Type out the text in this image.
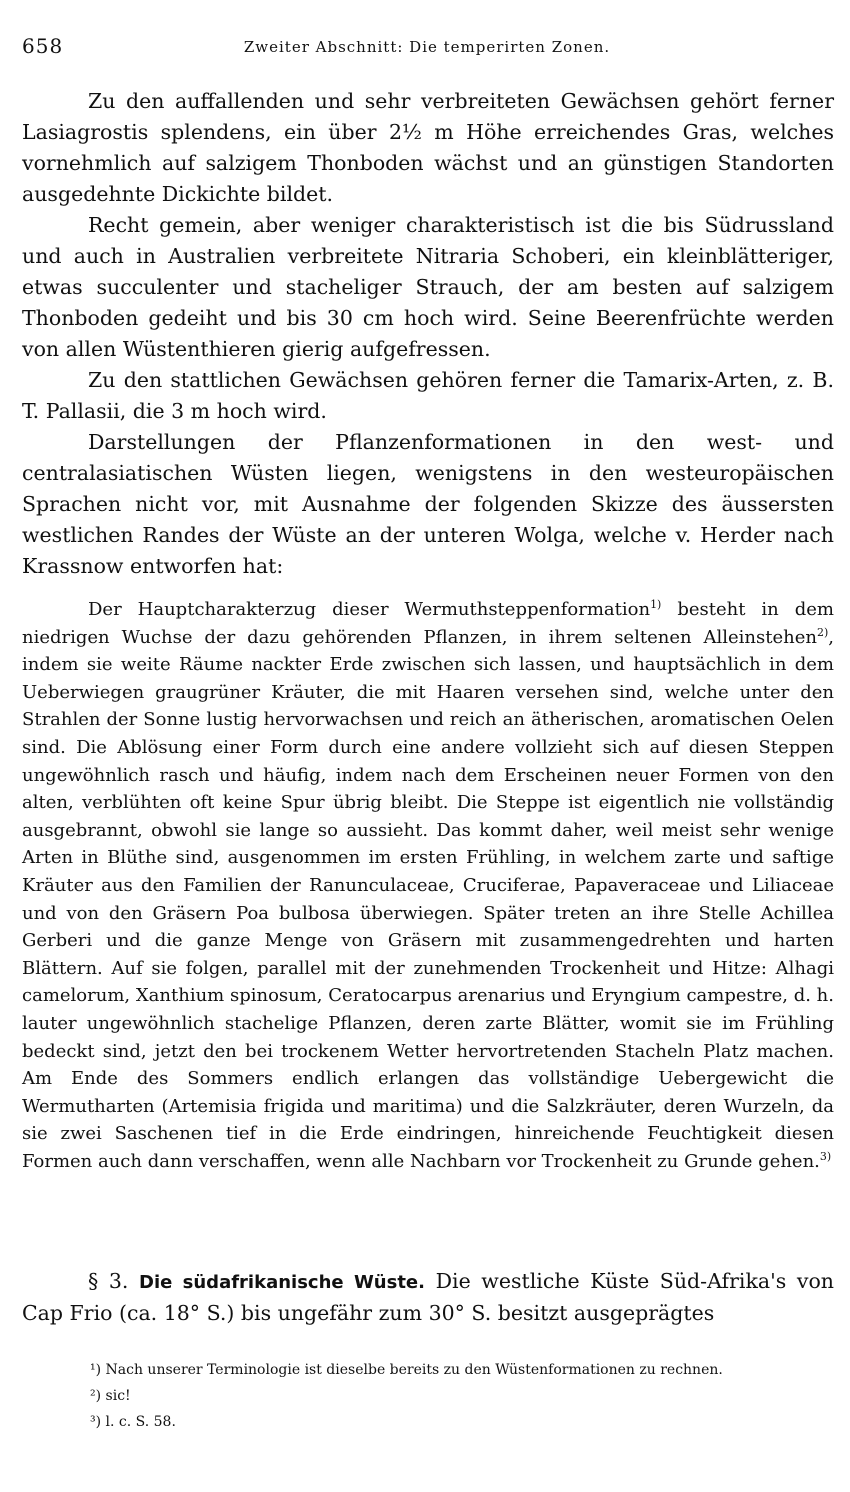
658	Zweiter Abschnitt: Die temperirten Zonen.

Zu den auffallenden und sehr verbreiteten Gewächsen gehört ferner Lasiagrostis splendens, ein über 2½ m Höhe erreichendes Gras, welches vornehmlich auf salzigem Thonboden wächst und an günstigen Standorten ausgedehnte Dickichte bildet.

Recht gemein, aber weniger charakteristisch ist die bis Südrussland und auch in Australien verbreitete Nitraria Schoberi, ein kleinblätteriger, etwas succulenter und stacheliger Strauch, der am besten auf salzigem Thonboden gedeiht und bis 30 cm hoch wird. Seine Beerenfrüchte werden von allen Wüstenthieren gierig aufgefressen.

Zu den stattlichen Gewächsen gehören ferner die Tamarix-Arten, z. B. T. Pallasii, die 3 m hoch wird.

Darstellungen der Pflanzenformationen in den west- und centralasiatischen Wüsten liegen, wenigstens in den westeuropäischen Sprachen nicht vor, mit Ausnahme der folgenden Skizze des äussersten westlichen Randes der Wüste an der unteren Wolga, welche v. Herder nach Krassnow entworfen hat:

Der Hauptcharakterzug dieser Wermuthsteppenformation$^{1)}$ besteht in dem niedrigen Wuchse der dazu gehörenden Pflanzen, in ihrem seltenen Alleinstehen$^{2)}$, indem sie weite Räume nackter Erde zwischen sich lassen, und hauptsächlich in dem Ueberwiegen graugrüner Kräuter, die mit Haaren versehen sind, welche unter den Strahlen der Sonne lustig hervorwachsen und reich an ätherischen, aromatischen Oelen sind. Die Ablösung einer Form durch eine andere vollzieht sich auf diesen Steppen ungewöhnlich rasch und häufig, indem nach dem Erscheinen neuer Formen von den alten, verblühten oft keine Spur übrig bleibt. Die Steppe ist eigentlich nie vollständig ausgebrannt, obwohl sie lange so aussieht. Das kommt daher, weil meist sehr wenige Arten in Blüthe sind, ausgenommen im ersten Frühling, in welchem zarte und saftige Kräuter aus den Familien der Ranunculaceae, Cruciferae, Papaveraceae und Liliaceae und von den Gräsern Poa bulbosa überwiegen. Später treten an ihre Stelle Achillea Gerberi und die ganze Menge von Gräsern mit zusammengedrehten und harten Blättern. Auf sie folgen, parallel mit der zunehmenden Trockenheit und Hitze: Alhagi camelorum, Xanthium spinosum, Ceratocarpus arenarius und Eryngium campestre, d. h. lauter ungewöhnlich stachelige Pflanzen, deren zarte Blätter, womit sie im Frühling bedeckt sind, jetzt den bei trockenem Wetter hervortretenden Stacheln Platz machen. Am Ende des Sommers endlich erlangen das vollständige Uebergewicht die Wermutharten (Artemisia frigida und maritima) und die Salzkräuter, deren Wurzeln, da sie zwei Saschenen tief in die Erde eindringen, hinreichende Feuchtigkeit diesen Formen auch dann verschaffen, wenn alle Nachbarn vor Trockenheit zu Grunde gehen.$^{3)}$

§ 3. Die südafrikanische Wüste. Die westliche Küste Süd-Afrika's von Cap Frio (ca. 18° S.) bis ungefähr zum 30° S. besitzt ausgeprägtes

¹) Nach unserer Terminologie ist dieselbe bereits zu den Wüstenformationen zu rechnen.
²) sic!
³) l. c. S. 58.
